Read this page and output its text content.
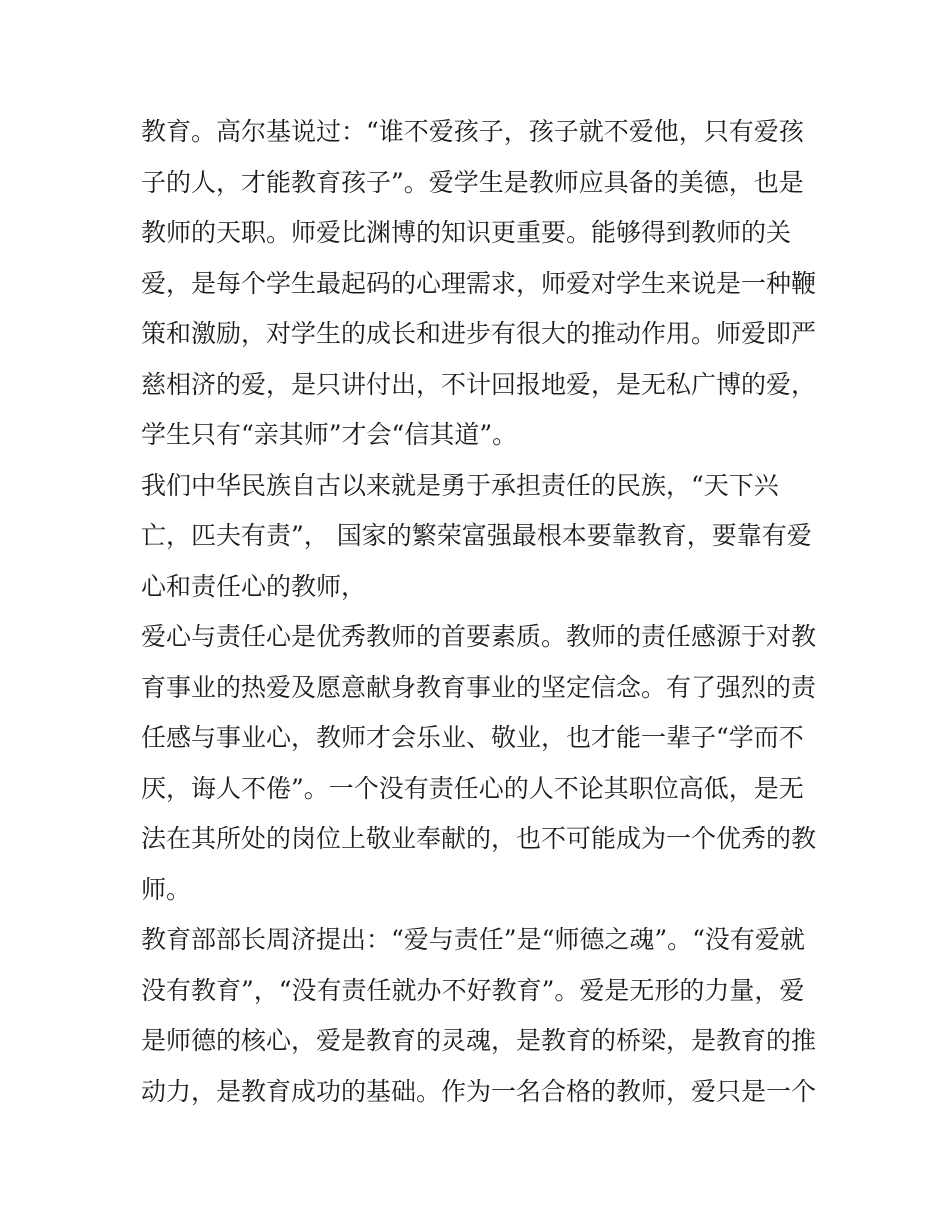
教育。高尔基说过：“谁不爱孩子，孩子就不爱他，只有爱孩
子的人，才能教育孩子”。爱学生是教师应具备的美德，也是
教师的天职。师爱比渊博的知识更重要。能够得到教师的关
爱，是每个学生最起码的心理需求，师爱对学生来说是一种鞭
策和激励，对学生的成长和进步有很大的推动作用。师爱即严
慈相济的爱，是只讲付出，不计回报地爱，是无私广博的爱，
学生只有“亲其师”才会“信其道”。
我们中华民族自古以来就是勇于承担责任的民族，“天下兴
亡，匹夫有责”， 国家的繁荣富强最根本要靠教育，要靠有爱
心和责任心的教师，
爱心与责任心是优秀教师的首要素质。教师的责任感源于对教
育事业的热爱及愿意献身教育事业的坚定信念。有了强烈的责
任感与事业心，教师才会乐业、敬业，也才能一辈子“学而不
厌，诲人不倦”。一个没有责任心的人不论其职位高低，是无
法在其所处的岗位上敬业奉献的，也不可能成为一个优秀的教
师。
教育部部长周济提出：“爱与责任”是“师德之魂”。“没有爱就
没有教育”，“没有责任就办不好教育”。爱是无形的力量，爱
是师德的核心，爱是教育的灵魂，是教育的桥梁，是教育的推
动力，是教育成功的基础。作为一名合格的教师，爱只是一个
